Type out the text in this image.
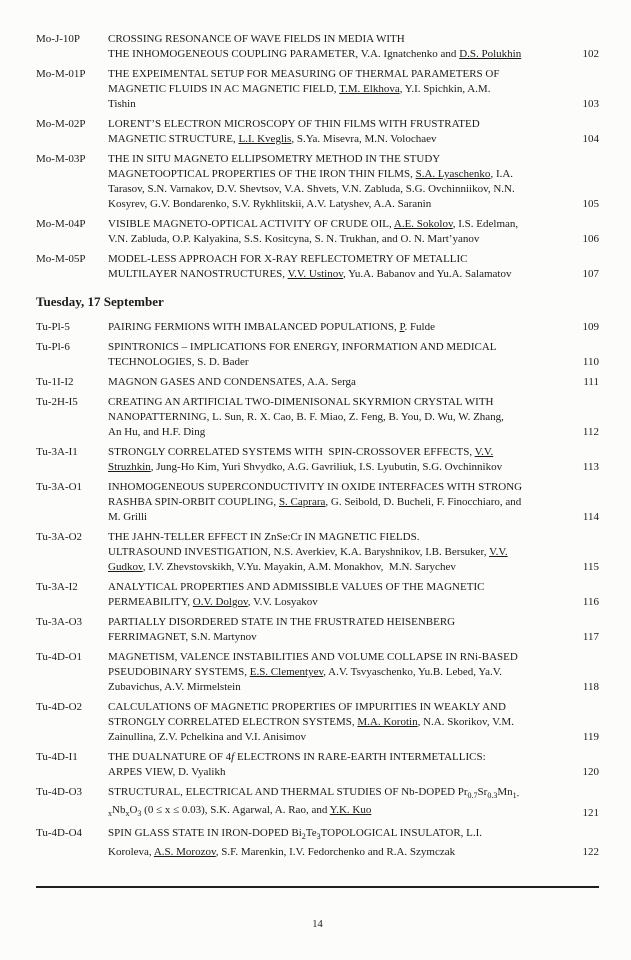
Mo-J-10P	CROSSING RESONANCE OF WAVE FIELDS IN MEDIA WITH
THE INHOMOGENEOUS COUPLING PARAMETER, V.A. Ignatchenko and D.S. Polukhin	102
Mo-M-01P	THE EXPEIMENTAL SETUP FOR MEASURING OF THERMAL PARAMETERS OF
MAGNETIC FLUIDS IN AC MAGNETIC FIELD, T.M. Elkhova, Y.I. Spichkin, A.M.
Tishin	103
Mo-M-02P	LORENT’S ELECTRON MICROSCOPY OF THIN FILMS WITH FRUSTRATED
MAGNETIC STRUCTURE, L.I. Kveglis, S.Ya. Misevra, M.N. Volochaev	104
Mo-M-03P	THE IN SITU MAGNETO ELLIPSOMETRY METHOD IN THE STUDY
MAGNETOOPTICAL PROPERTIES OF THE IRON THIN FILMS, S.A. Lyaschenko, I.A.
Tarasov, S.N. Varnakov, D.V. Shevtsov, V.A. Shvets, V.N. Zabluda, S.G. Ovchinniikov, N.N.
Kosyrev, G.V. Bondarenko, S.V. Rykhlitskii, A.V. Latyshev, A.A. Saranin	105
Mo-M-04P	VISIBLE MAGNETO-OPTICAL ACTIVITY OF CRUDE OIL, A.E. Sokolov, I.S. Edelman,
V.N. Zabluda, O.P. Kalyakina, S.S. Kositcyna, S. N. Trukhan, and O. N. Mart’yanov	106
Mo-M-05P	MODEL-LESS APPROACH FOR X-RAY REFLECTOMETRY OF METALLIC
MULTILAYER NANOSTRUCTURES, V.V. Ustinov, Yu.A. Babanov and Yu.A. Salamatov	107
Tuesday, 17 September
Tu-Pl-5	PAIRING FERMIONS WITH IMBALANCED POPULATIONS, P. Fulde	109
Tu-Pl-6	SPINTRONICS – IMPLICATIONS FOR ENERGY, INFORMATION AND MEDICAL
TECHNOLOGIES, S. D. Bader	110
Tu-1I-I2	MAGNON GASES AND CONDENSATES, A.A. Serga	111
Tu-2H-I5	CREATING AN ARTIFICIAL TWO-DIMENISONAL SKYRMION CRYSTAL WITH
NANOPATTERNING, L. Sun, R. X. Cao, B. F. Miao, Z. Feng, B. You, D. Wu, W. Zhang,
An Hu, and H.F. Ding	112
Tu-3A-I1	STRONGLY CORRELATED SYSTEMS WITH  SPIN-CROSSOVER EFFECTS, V.V.
Struzhkin, Jung-Ho Kim, Yuri Shvydko, A.G. Gavriliuk, I.S. Lyubutin, S.G. Ovchinnikov	113
Tu-3A-O1	INHOMOGENEOUS SUPERCONDUCTIVITY IN OXIDE INTERFACES WITH STRONG
RASHBA SPIN-ORBIT COUPLING, S. Caprara, G. Seibold, D. Bucheli, F. Finocchiaro, and
M. Grilli	114
Tu-3A-O2	THE JAHN-TELLER EFFECT IN ZnSe:Cr IN MAGNETIC FIELDS.
ULTRASOUND INVESTIGATION, N.S. Averkiev, K.A. Baryshnikov, I.B. Bersuker, V.V.
Gudkov, I.V. Zhevstovskikh, V.Yu. Mayakin, A.M. Monakhov,  M.N. Sarychev	115
Tu-3A-I2	ANALYTICAL PROPERTIES AND ADMISSIBLE VALUES OF THE MAGNETIC
PERMEABILITY, O.V. Dolgov, V.V. Losyakov	116
Tu-3A-O3	PARTIALLY DISORDERED STATE IN THE FRUSTRATED HEISENBERG
FERRIMAGNET, S.N. Martynov	117
Tu-4D-O1	MAGNETISM, VALENCE INSTABILITIES AND VOLUME COLLAPSE IN RNi-BASED
PSEUDOBINARY SYSTEMS, E.S. Clementyev, A.V. Tsvyaschenko, Yu.B. Lebed, Ya.V.
Zubavichus, A.V. Mirmelstein	118
Tu-4D-O2	CALCULATIONS OF MAGNETIC PROPERTIES OF IMPURITIES IN WEAKLY AND
STRONGLY CORRELATED ELECTRON SYSTEMS, M.A. Korotin, N.A. Skorikov, V.M.
Zainullina, Z.V. Pchelkina and V.I. Anisimov	119
Tu-4D-I1	THE DUALNATURE OF 4f ELECTRONS IN RARE-EARTH INTERMETALLICS:
ARPES VIEW, D. Vyalikh	120
Tu-4D-O3	STRUCTURAL, ELECTRICAL AND THERMAL STUDIES OF Nb-DOPED $Pr_{0.7}Sr_{0.3}Mn_{1-}$
$_xNb_xO_3$ (0 ≤ x ≤ 0.03), S.K. Agarwal, A. Rao, and Y.K. Kuo	121
Tu-4D-O4	SPIN GLASS STATE IN IRON-DOPED $Bi_2Te_3TOPOLOGICAL$ INSULATOR, L.I.
Koroleva, A.S. Morozov, S.F. Marenkin, I.V. Fedorchenko and R.A. Szymczak	122
14
